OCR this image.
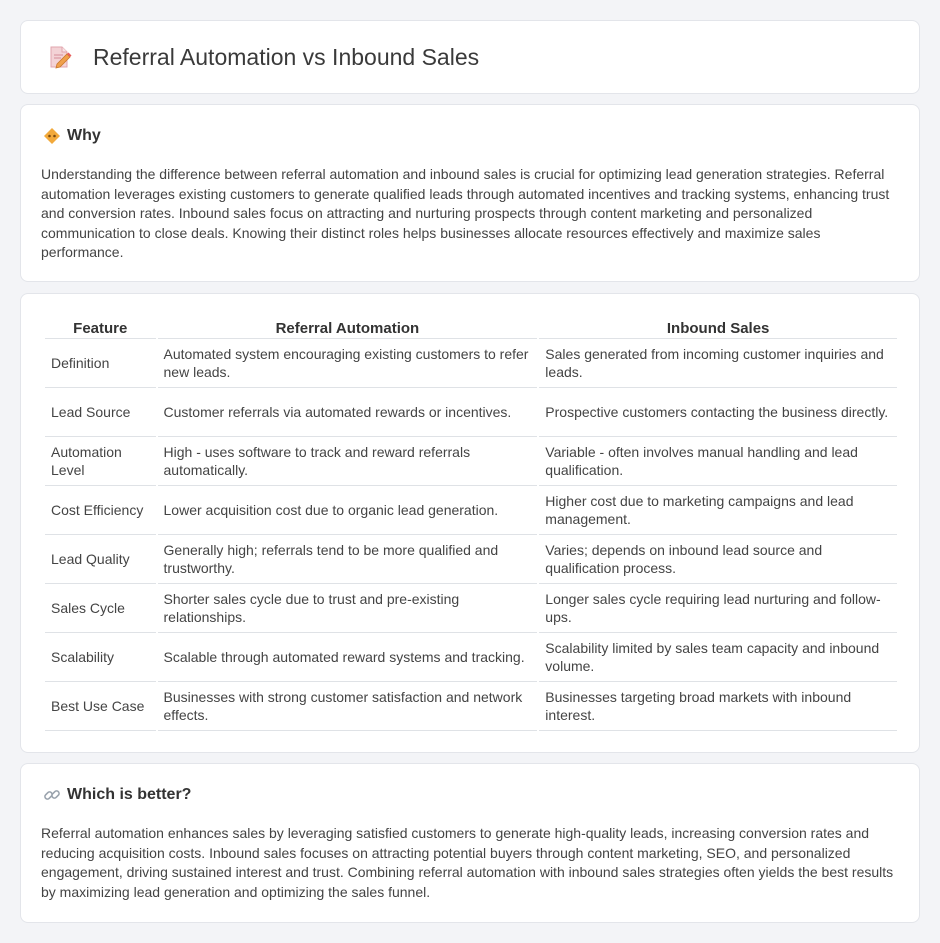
Referral Automation vs Inbound Sales
Why

Understanding the difference between referral automation and inbound sales is crucial for optimizing lead generation strategies. Referral automation leverages existing customers to generate qualified leads through automated incentives and tracking systems, enhancing trust and conversion rates. Inbound sales focus on attracting and nurturing prospects through content marketing and personalized communication to close deals. Knowing their distinct roles helps businesses allocate resources effectively and maximize sales performance.

Feature	Referral Automation	Inbound Sales
Definition	Automated system encouraging existing customers to refer new leads.	Sales generated from incoming customer inquiries and leads.
Lead Source	Customer referrals via automated rewards or incentives.	Prospective customers contacting the business directly.
Automation Level	High - uses software to track and reward referrals automatically.	Variable - often involves manual handling and lead qualification.
Cost Efficiency	Lower acquisition cost due to organic lead generation.	Higher cost due to marketing campaigns and lead management.
Lead Quality	Generally high; referrals tend to be more qualified and trustworthy.	Varies; depends on inbound lead source and qualification process.
Sales Cycle	Shorter sales cycle due to trust and pre-existing relationships.	Longer sales cycle requiring lead nurturing and follow-ups.
Scalability	Scalable through automated reward systems and tracking.	Scalability limited by sales team capacity and inbound volume.
Best Use Case	Businesses with strong customer satisfaction and network effects.	Businesses targeting broad markets with inbound interest.
Which is better?

Referral automation enhances sales by leveraging satisfied customers to generate high-quality leads, increasing conversion rates and reducing acquisition costs. Inbound sales focuses on attracting potential buyers through content marketing, SEO, and personalized engagement, driving sustained interest and trust. Combining referral automation with inbound sales strategies often yields the best results by maximizing lead generation and optimizing the sales funnel.
